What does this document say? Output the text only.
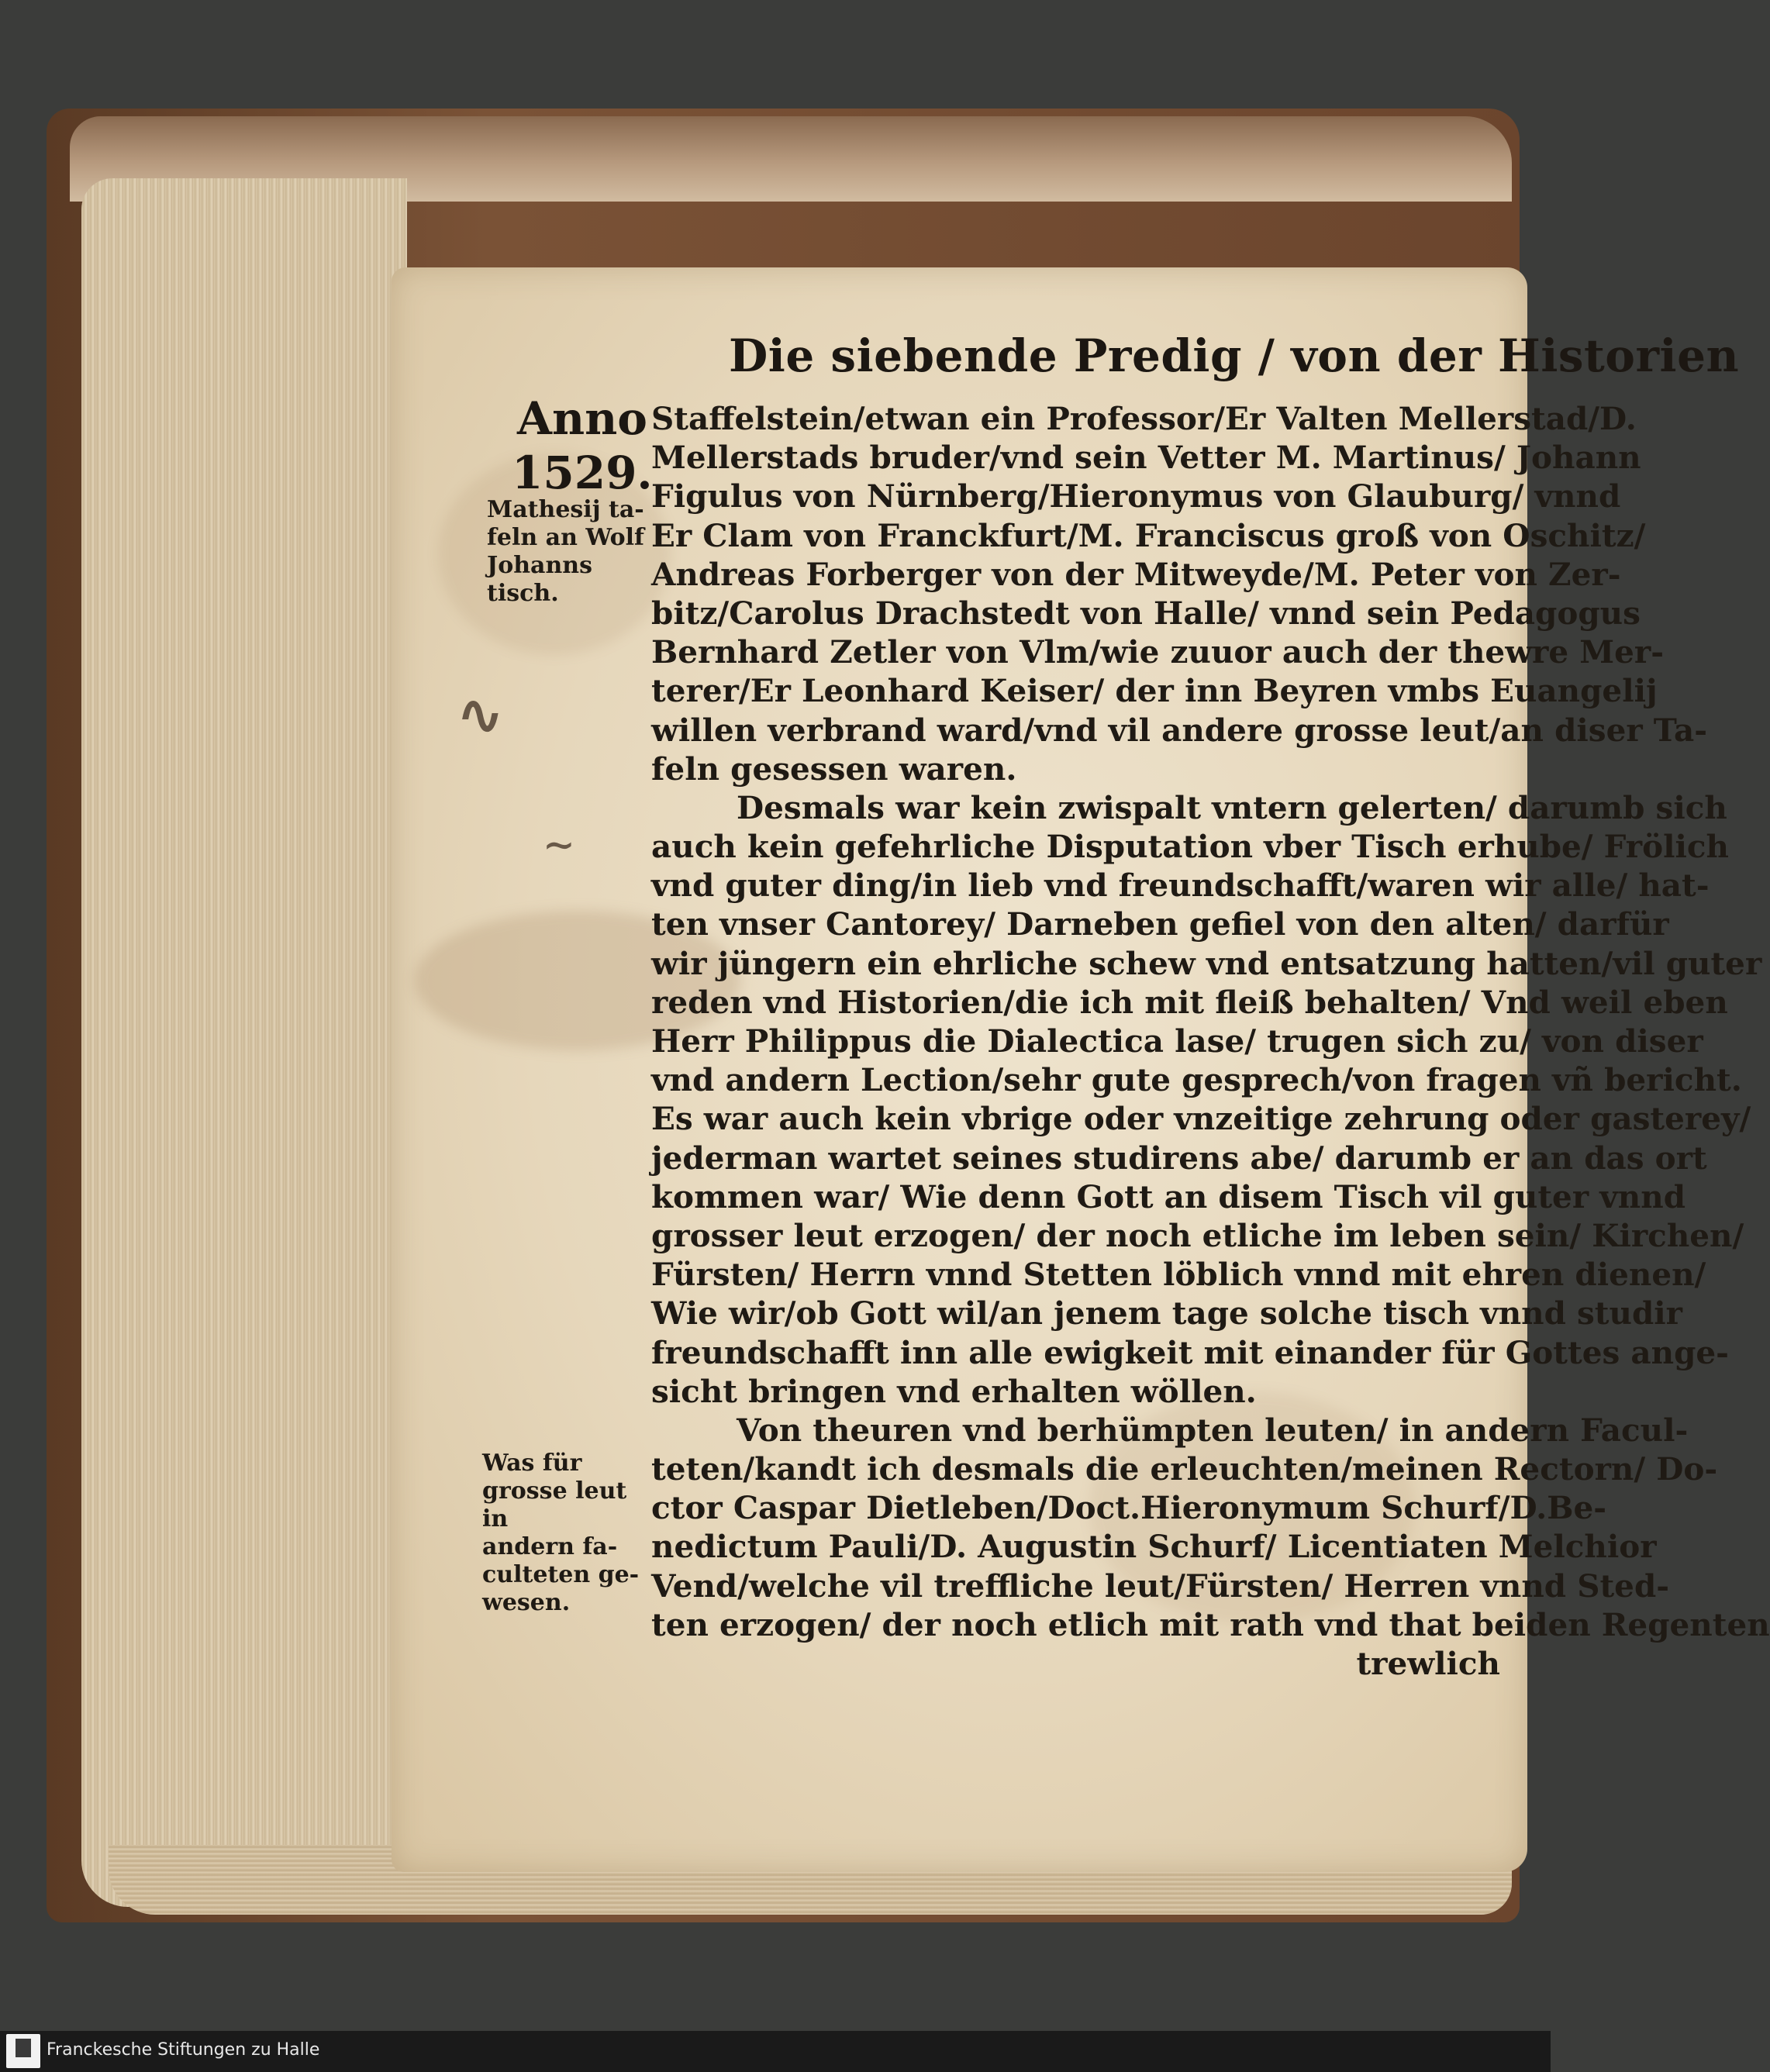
Die siebende Predig / von der Historien
Anno
1529.
Mathesij ta-
feln an Wolf
Johanns
tisch.
∿
∼
Was für
grosse leut in
andern fa-
culteten ge-
wesen.
Staffelstein/etwan ein Professor/Er Valten Mellerstad/D.
Mellerstads bruder/vnd sein Vetter M. Martinus/ Johann
Figulus von Nürnberg/Hieronymus von Glauburg/ vnnd
Er Clam von Franckfurt/M. Franciscus groß von Oschitz/
Andreas Forberger von der Mitweyde/M. Peter von Zer-
bitz/Carolus Drachstedt von Halle/ vnnd sein Pedagogus
Bernhard Zetler von Vlm/wie zuuor auch der thewre Mer-
terer/Er Leonhard Keiser/ der inn Beyren vmbs Euangelij
willen verbrand ward/vnd vil andere grosse leut/an diser Ta-
feln gesessen waren.
Desmals war kein zwispalt vntern gelerten/ darumb sich
auch kein gefehrliche Disputation vber Tisch erhube/ Frölich
vnd guter ding/in lieb vnd freundschafft/waren wir alle/ hat-
ten vnser Cantorey/ Darneben gefiel von den alten/ darfür
wir jüngern ein ehrliche schew vnd entsatzung hatten/vil guter
reden vnd Historien/die ich mit fleiß behalten/ Vnd weil eben
Herr Philippus die Dialectica lase/ trugen sich zu/ von diser
vnd andern Lection/sehr gute gesprech/von fragen vñ bericht.
Es war auch kein vbrige oder vnzeitige zehrung oder gasterey/
jederman wartet seines studirens abe/ darumb er an das ort
kommen war/ Wie denn Gott an disem Tisch vil guter vnnd
grosser leut erzogen/ der noch etliche im leben sein/ Kirchen/
Fürsten/ Herrn vnnd Stetten löblich vnnd mit ehren dienen/
Wie wir/ob Gott wil/an jenem tage solche tisch vnnd studir
freundschafft inn alle ewigkeit mit einander für Gottes ange-
sicht bringen vnd erhalten wöllen.
Von theuren vnd berhümpten leuten/ in andern Facul-
teten/kandt ich desmals die erleuchten/meinen Rectorn/ Do-
ctor Caspar Dietleben/Doct.Hieronymum Schurf/D.Be-
nedictum Pauli/D. Augustin Schurf/ Licentiaten Melchior
Vend/welche vil treffliche leut/Fürsten/ Herren vnnd Sted-
ten erzogen/ der noch etlich mit rath vnd that beiden Regenten
trewlich
Franckesche Stiftungen zu Halle
